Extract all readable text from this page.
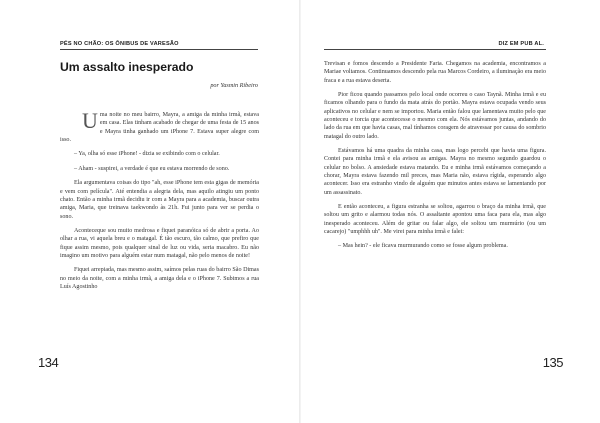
PÉS NO CHÃO: OS ÔNIBUS DE VARESÃO
Um assalto inesperado
por Yasmin Ribeiro

Uma noite no meu bairro, Mayra, a amiga da minha irmã, estava em casa. Elas tinham acabado de chegar de uma festa de 15 anos e Mayra tinha ganhado um iPhone 7. Estava super alegre com isso.

– Ya, olha só esse iPhone! - dizia se exibindo com o celular.

– Aham - suspirei, a verdade é que eu estava morrendo de sono.

Ela argumentava coisas do tipo "ah, esse iPhone tem esta gigas de memória e vem com película". Até entendia a alegria dela, mas aquilo atingiu um ponto chato. Então a minha irmã decidiu ir com a Mayra para a academia, buscar outra amiga, Maria, que treinava taekwondo às 21h. Fui junto para ver se perdia o sono.

Aconteceque sou muito medrosa e fiquei paranóica só de abrir a porta. Ao olhar a rua, vi aquela breu e o matagal. É tão escuro, tão calmo, que prefiro que fique assim mesmo, pois qualquer sinal de luz ou vida, seria macabro. Eu não imagino um motivo para alguém estar num matagal, não pelo menos de noite!

Fiquei arrepiada, mas mesmo assim, saímos pelas ruas do bairro São Dimas no meio da noite, com a minha irmã, a amiga dela e o iPhone 7. Subimos a rua Luís Agostinho

134
DIZ EM PUB AL.

Trevisan e fomos descendo a Presidente Faria. Chegamos na academia, encontramos a Mariae voltamos. Continuamos descendo pela rua Marcos Cordeiro, a iluminação era meio fraca e a rua estava deserta.

Pior ficou quando passamos pelo local onde ocorreu o caso Taynã. Minha irmã e eu ficamos olhando para o fundo da mata atrás do portão. Mayra estava ocupada vendo seus aplicativos no celular e nem se importou. Maria então falou que lamentava muito pelo que aconteceu e torcia que acontecesse o mesmo com ela. Nós estávamos juntas, andando do lado da rua em que havia casas, mal tínhamos coragem de atravessar por causa do sombrio matagal do outro lado.

Estávamos há uma quadra da minha casa, mas logo percebi que havia uma figura. Contei para minha irmã e ela avisou as amigas. Mayra no mesmo segundo guardou o celular no bolso. A ansiedade estava matando. Eu e minha irmã estávamos começando a chorar, Mayra estava fazendo mil preces, mas Maria não, estava rígida, esperando algo acontecer. Isso era estranho vindo de alguém que minutos antes estava se lamentando por um assassinato.

E então aconteceu, a figura estranha se soltou, agarrou o braço da minha irmã, que soltou um grito e alarmou todas nós. O assaltante apontou uma faca para ela, mas algo inesperado aconteceu. Além de gritar ou falar algo, ele soltou um murmúrio (ou um cacarejo) "umphhh uh". Me virei para minha irmã e falei:

– Mas hein? - ele ficava murmurando como se fosse algum problema.

135
